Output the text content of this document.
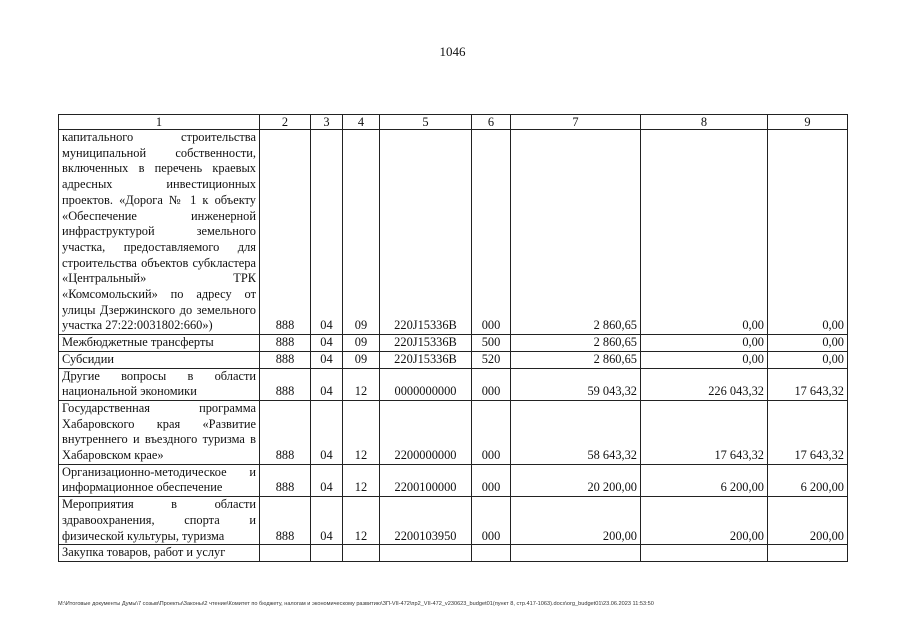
1046
1	2	3	4	5	6	7	8	9
капитального строительства муниципальной собственности, включенных в перечень краевых адресных инвестиционных проектов. «Дорога № 1 к объекту «Обеспечение инженерной инфраструктурой земельного участка, предоставляемого для строительства объектов субкластера «Центральный» ТРК «Комсомольский» по адресу от улицы Дзержинского до земельного участка 27:22:0031802:660»)	888	04	09	220J15336B	000	2 860,65	0,00	0,00
Межбюджетные трансферты	888	04	09	220J15336B	500	2 860,65	0,00	0,00
Субсидии	888	04	09	220J15336B	520	2 860,65	0,00	0,00
Другие вопросы в области национальной экономики	888	04	12	0000000000	000	59 043,32	226 043,32	17 643,32
Государственная программа Хабаровского края «Развитие внутреннего и въездного туризма в Хабаровском крае»	888	04	12	2200000000	000	58 643,32	17 643,32	17 643,32
Организационно-методическое и информационное обеспечение	888	04	12	2200100000	000	20 200,00	6 200,00	6 200,00
Мероприятия в области здравоохранения, спорта и физической культуры, туризма	888	04	12	2200103950	000	200,00	200,00	200,00
Закупка товаров, работ и услуг								
M:\Итоговые документы Думы\7 созыв\Проекты\Законы\2 чтение\Комитет по бюджету, налогам и экономическому развитию\ЗП-VII-472\пр2_VII-472_v230623_budget01(пункт 8, стр.417-1063).docx\org_budget01\23.06.2023 11:53:50
